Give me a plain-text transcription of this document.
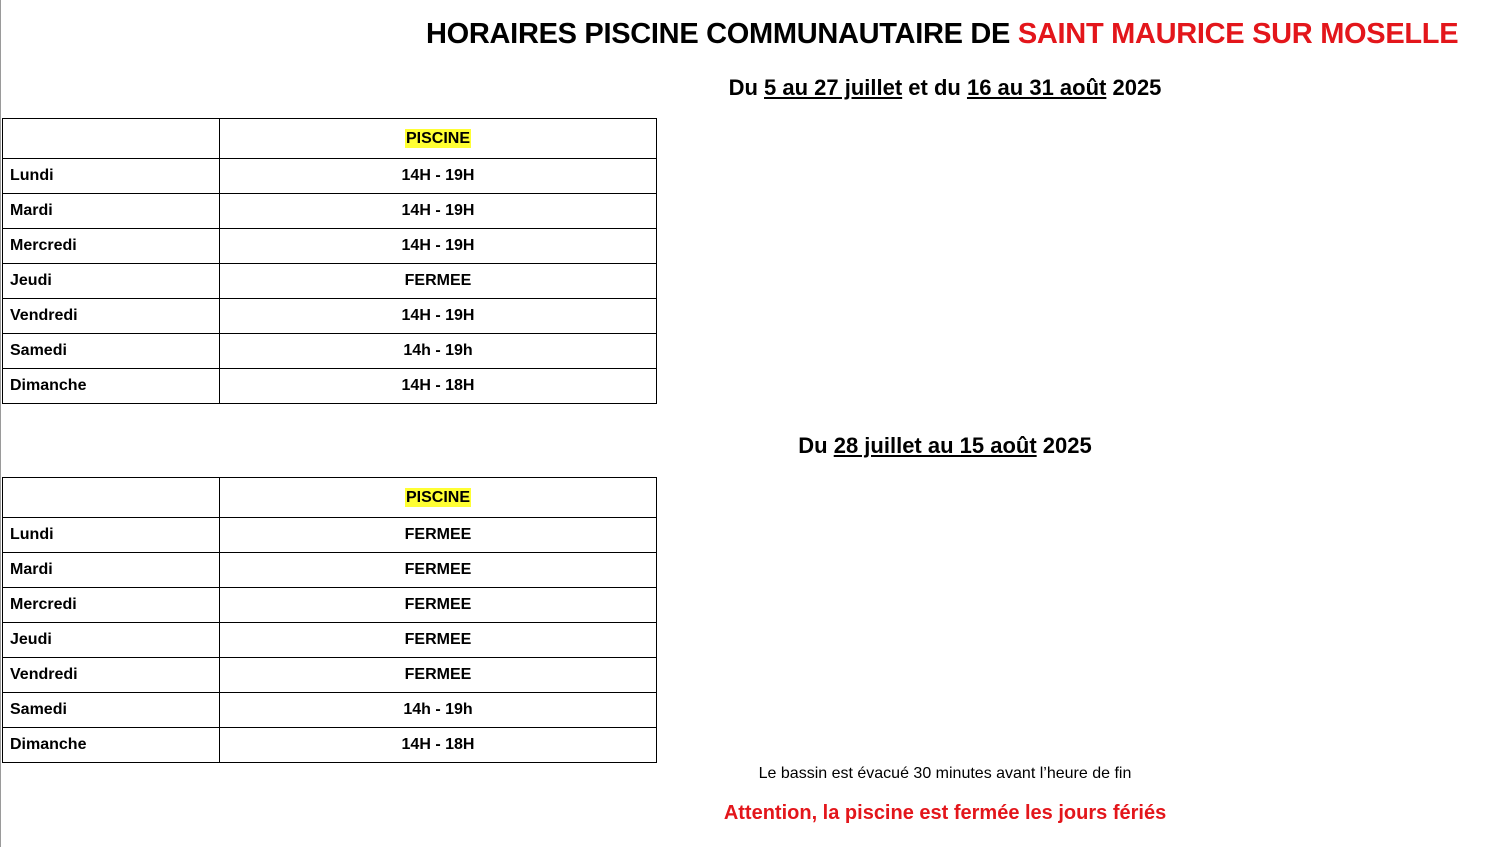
HORAIRES PISCINE COMMUNAUTAIRE DE SAINT MAURICE SUR MOSELLE
Du 5 au 27 juillet et du 16 au 31 août 2025
	PISCINE
Lundi	14H - 19H
Mardi	14H - 19H
Mercredi	14H - 19H
Jeudi	FERMEE
Vendredi	14H - 19H
Samedi	14h - 19h
Dimanche	14H - 18H
Du 28 juillet au 15 août 2025
	PISCINE
Lundi	FERMEE
Mardi	FERMEE
Mercredi	FERMEE
Jeudi	FERMEE
Vendredi	FERMEE
Samedi	14h - 19h
Dimanche	14H - 18H
Le bassin est évacué 30 minutes avant l’heure de fin
Attention, la piscine est fermée les jours fériés
